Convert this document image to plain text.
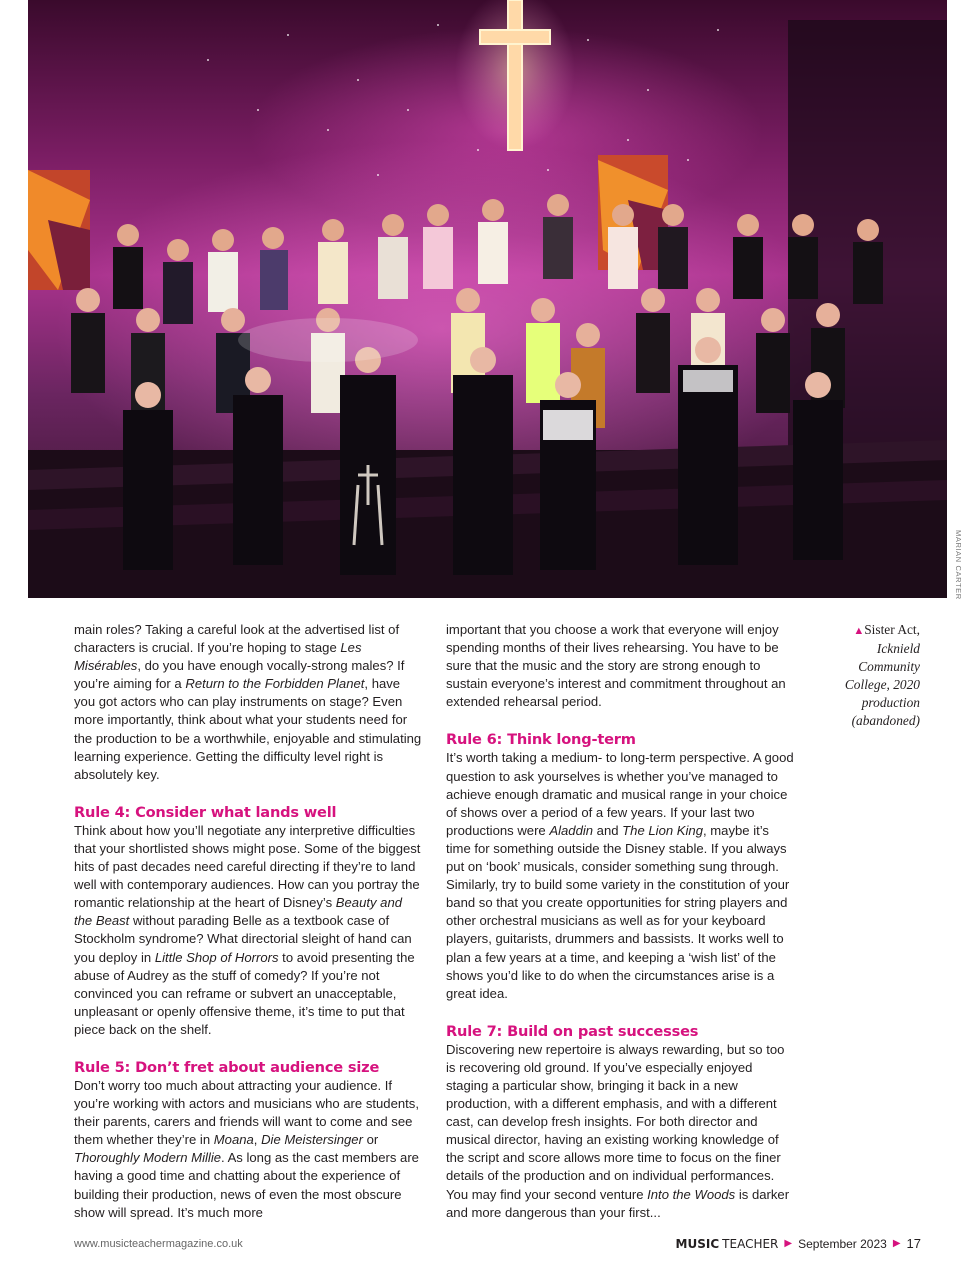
MARIAN CARTER

main roles? Taking a careful look at the advertised list of characters is crucial. If you’re hoping to stage Les Misérables, do you have enough vocally-strong males? If you’re aiming for a Return to the Forbidden Planet, have you got actors who can play instruments on stage? Even more importantly, think about what your students need for the production to be a worthwhile, enjoyable and stimulating learning experience. Getting the difficulty level right is absolutely key.

Rule 4: Consider what lands well

Think about how you’ll negotiate any interpretive difficulties that your shortlisted shows might pose. Some of the biggest hits of past decades need careful directing if they’re to land well with contemporary audiences. How can you portray the romantic relationship at the heart of Disney’s Beauty and the Beast without parading Belle as a textbook case of Stockholm syndrome? What directorial sleight of hand can you deploy in Little Shop of Horrors to avoid presenting the abuse of Audrey as the stuff of comedy? If you’re not convinced you can reframe or subvert an unacceptable, unpleasant or openly offensive theme, it’s time to put that piece back on the shelf.

Rule 5: Don’t fret about audience size

Don’t worry too much about attracting your audience. If you’re working with actors and musicians who are students, their parents, carers and friends will want to come and see them whether they’re in Moana, Die Meistersinger or Thoroughly Modern Millie. As long as the cast members are having a good time and chatting about the experience of building their production, news of even the most obscure show will spread. It’s much more

important that you choose a work that everyone will enjoy spending months of their lives rehearsing. You have to be sure that the music and the story are strong enough to sustain everyone’s interest and commitment throughout an extended rehearsal period.

Rule 6: Think long-term

It’s worth taking a medium- to long-term perspective. A good question to ask yourselves is whether you’ve managed to achieve enough dramatic and musical range in your choice of shows over a period of a few years. If your last two productions were Aladdin and The Lion King, maybe it’s time for something outside the Disney stable. If you always put on ‘book’ musicals, consider something sung through. Similarly, try to build some variety in the constitution of your band so that you create opportunities for string players and other orchestral musicians as well as for your keyboard players, guitarists, drummers and bassists. It works well to plan a few years at a time, and keeping a ‘wish list’ of the shows you’d like to do when the circumstances arise is a great idea.

Rule 7: Build on past successes

Discovering new repertoire is always rewarding, but so too is recovering old ground. If you’ve especially enjoyed staging a particular show, bringing it back in a new production, with a different emphasis, and with a different cast, can develop fresh insights. For both director and musical director, having an existing working knowledge of the script and score allows more time to focus on the finer details of the production and on individual performances. You may find your second venture Into the Woods is darker and more dangerous than your first...

▲Sister Act,
Icknield
Community
College, 2020
production
(abandoned)
www.musicteachermagazine.co.uk	MUSIC TEACHER ▶ September 2023 ▶ 17
